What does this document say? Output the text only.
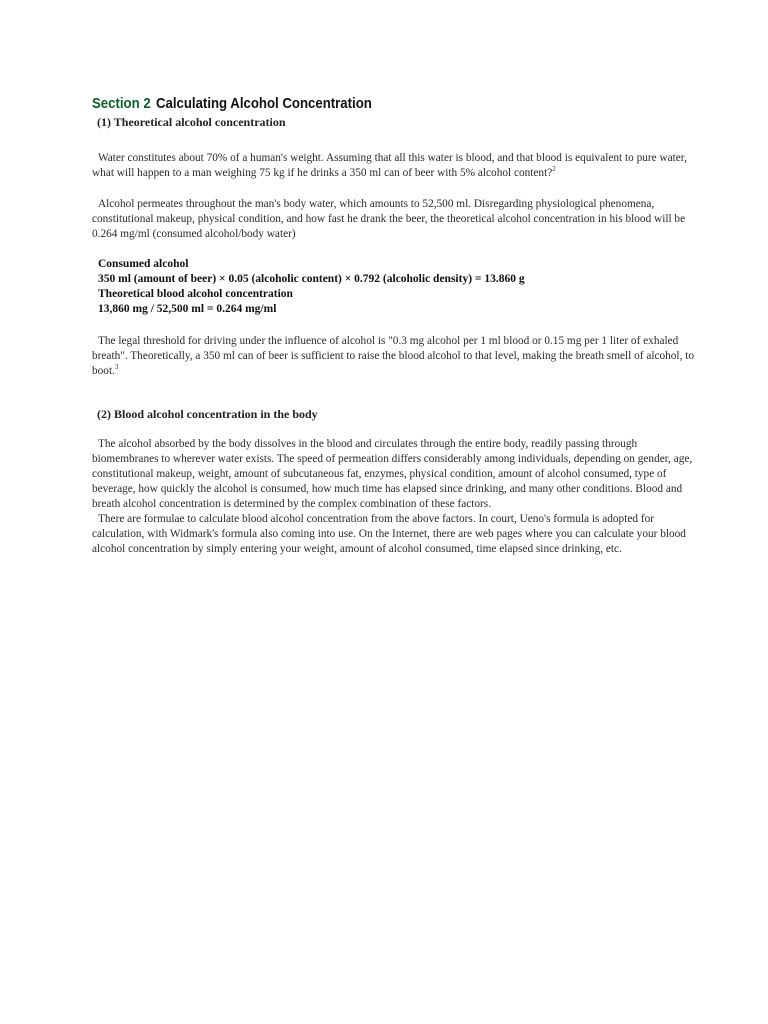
Section 2 Calculating Alcohol Concentration

(1) Theoretical alcohol concentration

Water constitutes about 70% of a human's weight. Assuming that all this water is blood, and that blood is equivalent to pure water, what will happen to a man weighing 75 kg if he drinks a 350 ml can of beer with 5% alcohol content?$^2$

Alcohol permeates throughout the man's body water, which amounts to 52,500 ml. Disregarding physiological phenomena, constitutional makeup, physical condition, and how fast he drank the beer, the theoretical alcohol concentration in his blood will be 0.264 mg/ml (consumed alcohol/body water)

Consumed alcohol

350 ml (amount of beer) × 0.05 (alcoholic content) × 0.792 (alcoholic density) = 13.860 g

Theoretical blood alcohol concentration

13,860 mg / 52,500 ml = 0.264 mg/ml

The legal threshold for driving under the influence of alcohol is "0.3 mg alcohol per 1 ml blood or 0.15 mg per 1 liter of exhaled breath". Theoretically, a 350 ml can of beer is sufficient to raise the blood alcohol to that level, making the breath smell of alcohol, to boot.$^3$

(2) Blood alcohol concentration in the body

The alcohol absorbed by the body dissolves in the blood and circulates through the entire body, readily passing through biomembranes to wherever water exists. The speed of permeation differs considerably among individuals, depending on gender, age, constitutional makeup, weight, amount of subcutaneous fat, enzymes, physical condition, amount of alcohol consumed, type of beverage, how quickly the alcohol is consumed, how much time has elapsed since drinking, and many other conditions. Blood and breath alcohol concentration is determined by the complex combination of these factors.

There are formulae to calculate blood alcohol concentration from the above factors. In court, Ueno's formula is adopted for calculation, with Widmark's formula also coming into use. On the Internet, there are web pages where you can calculate your blood alcohol concentration by simply entering your weight, amount of alcohol consumed, time elapsed since drinking, etc.
